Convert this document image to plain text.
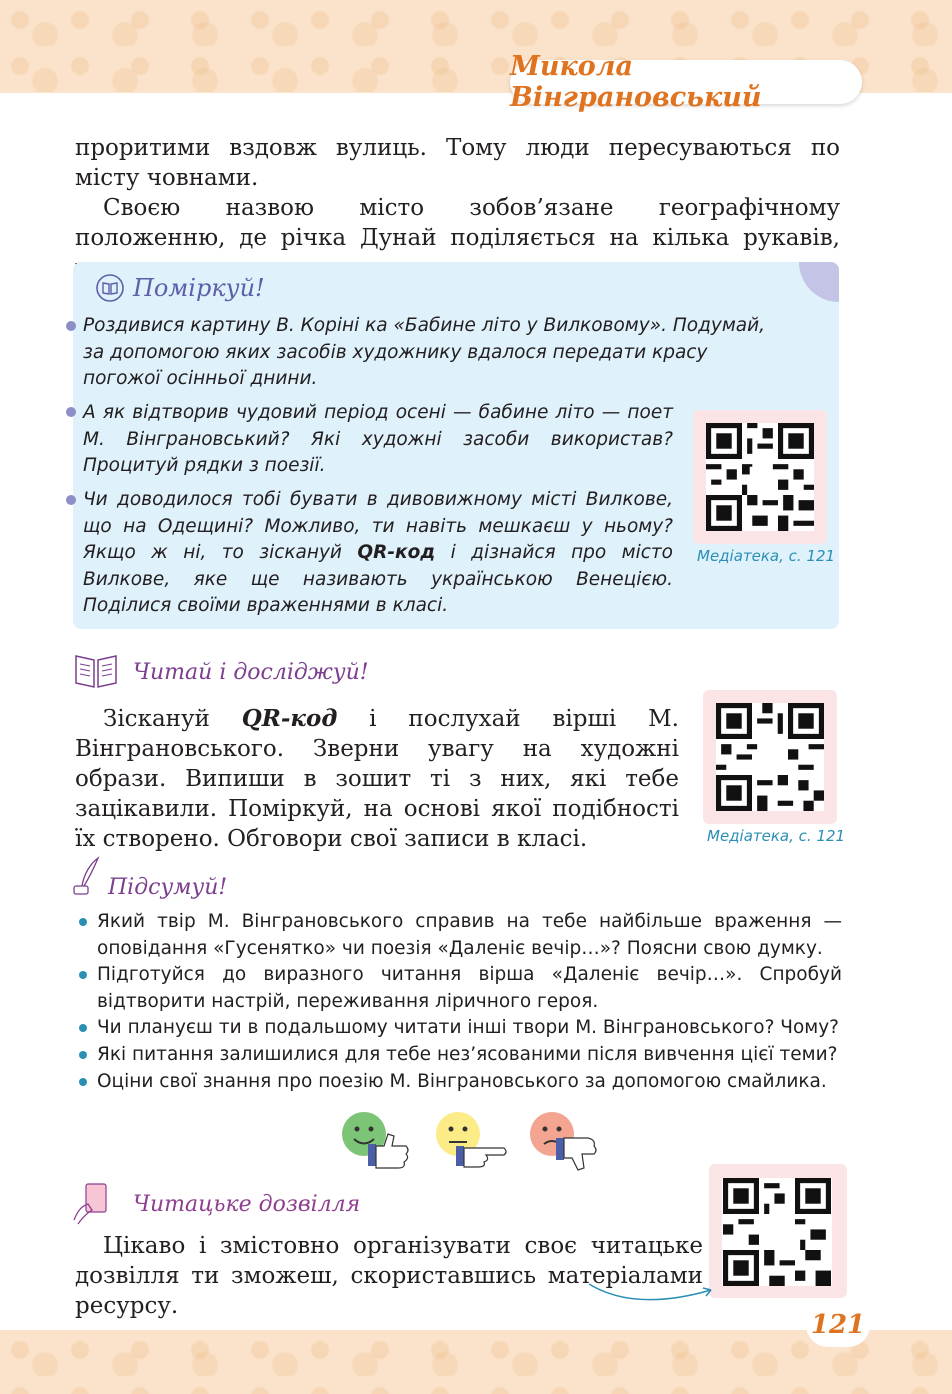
Микола Вінграновський

проритими вздовж вулиць. Тому люди пересуваються по місту човнами.

Своєю назвою місто зобов’язане географічному положенню, де річка Дунай поділяється на кілька рукавів,

Поміркуй!

Роздивися картину В. Коріні ка «Бабине літо у Вилковому». Подумай, за допомогою яких засобів художнику вдалося передати красу погожої осінньої днини.

А як відтворив чудовий період осені — бабине літо — поет М. Вінграновський? Які художні засоби використав? Процитуй рядки з поезії.

Чи доводилося тобі бувати в дивовижному місті Вилкове, що на Одещині? Можливо, ти навіть мешкаєш у ньому? Якщо ж ні, то зіскануй QR-код і дізнайся про місто Вилкове, яке ще називають українською Венецією. Поділися своїми враженнями в класі.

Медіатека, с. 121
Читай і досліджуй!

Зіскануй QR-код і послухай вірші М. Вінграновського. Зверни увагу на художні образи. Випиши в зошит ті з них, які тебе зацікавили. Поміркуй, на основі якої подібності їх створено. Обговори свої записи в класі.	Медіатека, с. 121
Підсумуй!

Який твір М. Вінграновського справив на тебе найбільше враження — оповідання «Гусенятко» чи поезія «Даленіє вечір…»? Поясни свою думку.

Підготуйся до виразного читання вірша «Даленіє вечір…». Спробуй відтворити настрій, переживання ліричного героя.

Чи плануєш ти в подальшому читати інші твори М. Вінграновського? Чому?

Які питання залишилися для тебе нез’ясованими після вивчення цієї теми?

Оціни свої знання про поезію М. Вінграновського за допомогою смайлика.

Читацьке дозвілля

Цікаво і змістовно організувати своє читацьке дозвілля ти зможеш, скориставшись матеріалами ресурсу.

121
